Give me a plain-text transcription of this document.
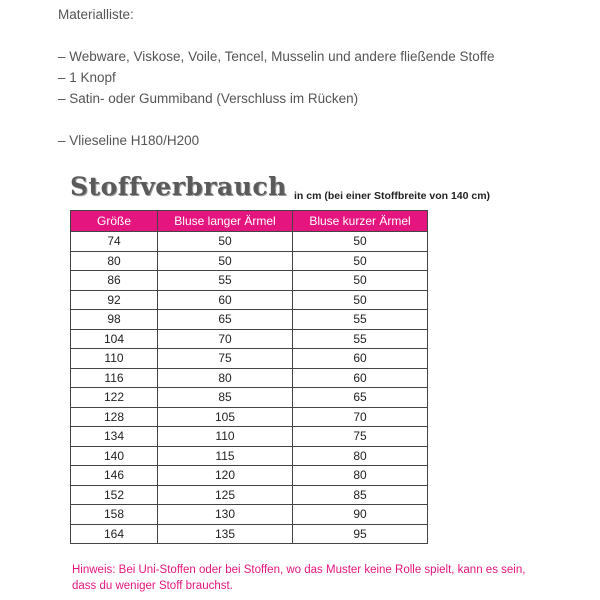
Materialliste:

– Webware, Viskose, Voile, Tencel, Musselin und andere fließende Stoffe

– 1 Knopf

– Satin- oder Gummiband (Verschluss im Rücken)

– Vlieseline H180/H200

Stoffverbrauch in cm (bei einer Stoffbreite von 140 cm)
Größe	Bluse langer Ärmel	Bluse kurzer Ärmel
74	50	50
80	50	50
86	55	50
92	60	50
98	65	55
104	70	55
110	75	60
116	80	60
122	85	65
128	105	70
134	110	75
140	115	80
146	120	80
152	125	85
158	130	90
164	135	95
Hinweis: Bei Uni-Stoffen oder bei Stoffen, wo das Muster keine Rolle spielt, kann es sein,
dass du weniger Stoff brauchst.
